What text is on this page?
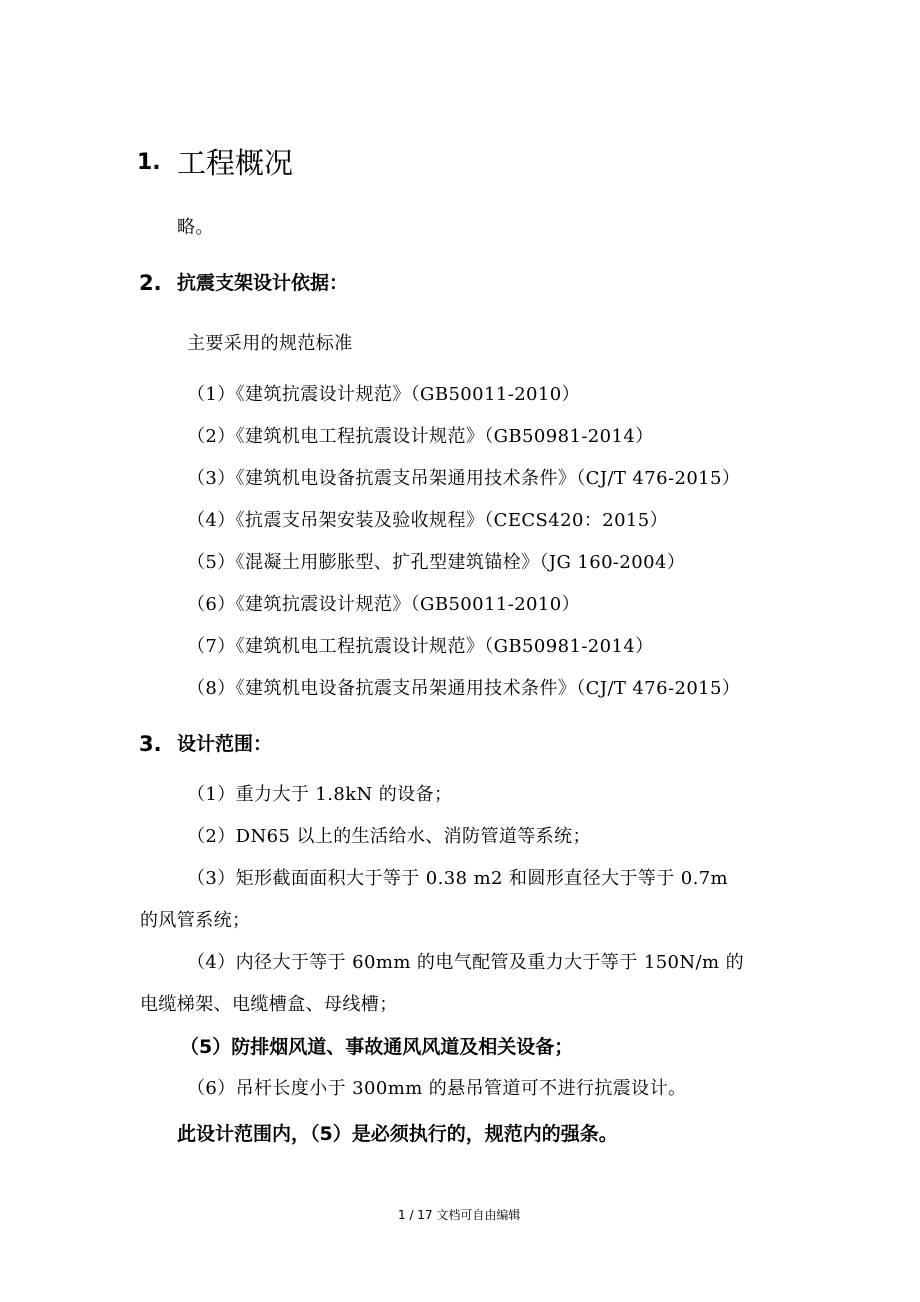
1. 工程概况
略。
2. 抗震支架设计依据：
主要采用的规范标准
（1）《建筑抗震设计规范》（GB50011-2010）
（2）《建筑机电工程抗震设计规范》（GB50981-2014）
（3）《建筑机电设备抗震支吊架通用技术条件》（CJ/T 476-2015）
（4）《抗震支吊架安装及验收规程》（CECS420：2015）
（5）《混凝土用膨胀型、扩孔型建筑锚栓》（JG 160-2004）
（6）《建筑抗震设计规范》（GB50011-2010）
（7）《建筑机电工程抗震设计规范》（GB50981-2014）
（8）《建筑机电设备抗震支吊架通用技术条件》（CJ/T 476-2015）
3. 设计范围：
（1）重力大于 1.8kN 的设备；
（2）DN65 以上的生活给水、消防管道等系统；
（3）矩形截面面积大于等于 0.38 m2 和圆形直径大于等于 0.7m
的风管系统；
（4）内径大于等于 60mm 的电气配管及重力大于等于 150N/m 的
电缆梯架、电缆槽盒、母线槽；
（5）防排烟风道、事故通风风道及相关设备；
（6）吊杆长度小于 300mm 的悬吊管道可不进行抗震设计。
此设计范围内，（5）是必须执行的，规范内的强条。
1 / 17 文档可自由编辑
